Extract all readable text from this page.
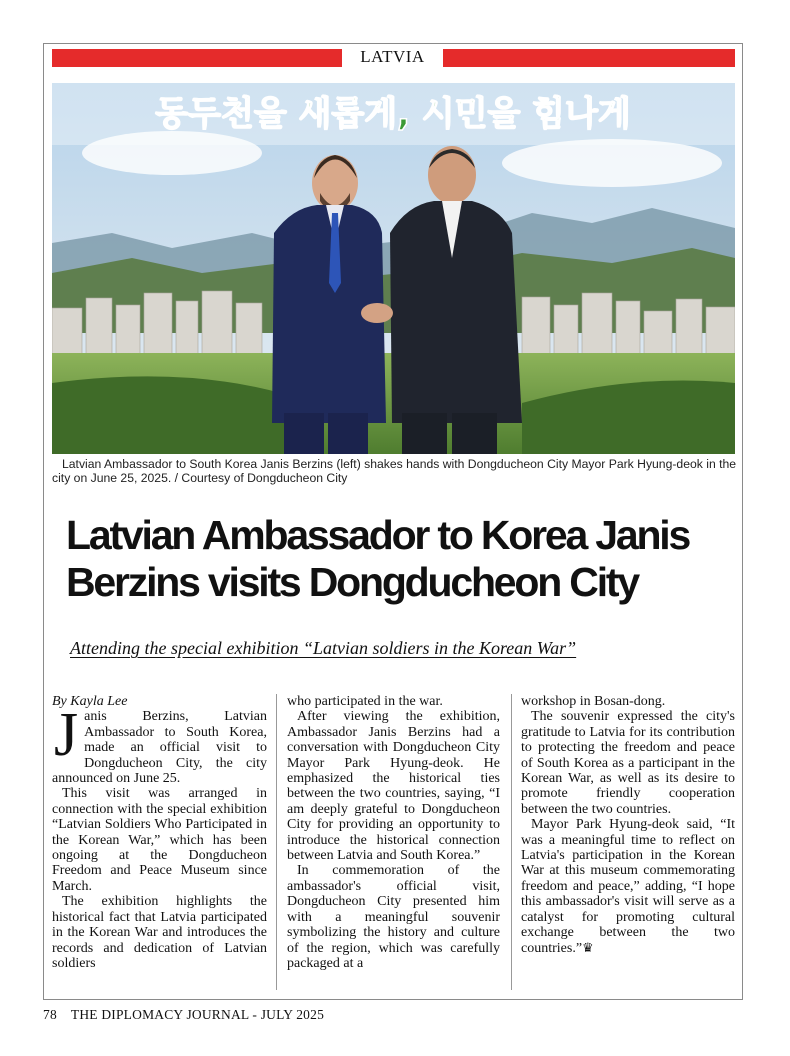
LATVIA
동두천을 새롭게, 시민을 힘나게
Latvian Ambassador to South Korea Janis Berzins (left) shakes hands with Dongducheon City Mayor Park Hyung-deok in the city on June 25, 2025. / Courtesy of Dongducheon City
Latvian Ambassador to Korea Janis Berzins visits Dongducheon City
Attending the special exhibition “Latvian soldiers in the Korean War”

By Kayla Lee

Janis Berzins, Latvian Ambassador to South Korea, made an official visit to Dongducheon City, the city announced on June 25.

This visit was arranged in connection with the special exhibition “Latvian Soldiers Who Participated in the Korean War,” which has been ongoing at the Dongducheon Freedom and Peace Museum since March.

The exhibition highlights the historical fact that Latvia participated in the Korean War and introduces the records and dedication of Latvian soldiers

who participated in the war.

After viewing the exhibition, Ambassador Janis Berzins had a conversation with Dongducheon City Mayor Park Hyung-deok. He emphasized the historical ties between the two countries, saying, “I am deeply grateful to Dongducheon City for providing an opportunity to introduce the historical connection between Latvia and South Korea.”

In commemoration of the ambassador's official visit, Dongducheon City presented him with a meaningful souvenir symbolizing the history and culture of the region, which was carefully packaged at a

workshop in Bosan-dong.

The souvenir expressed the city's gratitude to Latvia for its contribution to protecting the freedom and peace of South Korea as a participant in the Korean War, as well as its desire to promote friendly cooperation between the two countries.

Mayor Park Hyung-deok said, “It was a meaningful time to reflect on Latvia's participation in the Korean War at this museum commemorating freedom and peace,” adding, “I hope this ambassador's visit will serve as a catalyst for promoting cultural exchange between the two countries.”♛

78 THE DIPLOMACY JOURNAL - JULY 2025
